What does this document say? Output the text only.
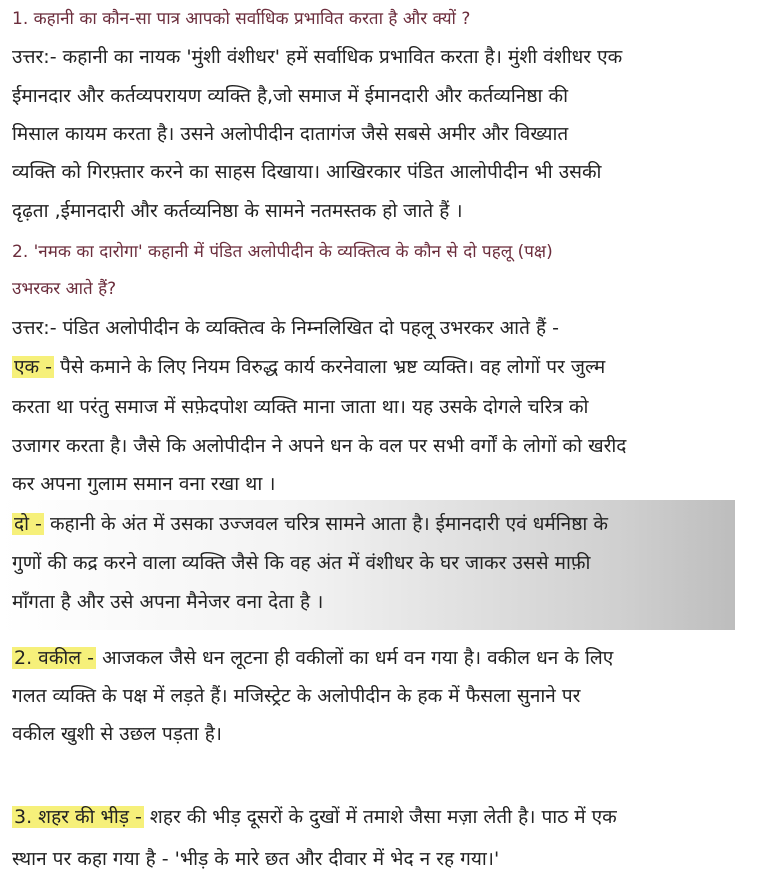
1. कहानी का कौन-सा पात्र आपको सर्वाधिक प्रभावित करता है और क्यों ?
उत्तर:- कहानी का नायक 'मुंशी वंशीधर' हमें सर्वाधिक प्रभावित करता है। मुंशी वंशीधर एक
ईमानदार और कर्तव्यपरायण व्यक्ति है,जो समाज में ईमानदारी और कर्तव्यनिष्ठा की
मिसाल कायम करता है। उसने अलोपीदीन दातागंज जैसे सबसे अमीर और विख्यात
व्यक्ति को गिरफ़्तार करने का साहस दिखाया। आखिरकार पंडित आलोपीदीन भी उसकी
दृढ़ता ,ईमानदारी और कर्तव्यनिष्ठा के सामने नतमस्तक हो जाते हैं ।
2. 'नमक का दारोगा' कहानी में पंडित अलोपीदीन के व्यक्तित्व के कौन से दो पहलू (पक्ष)
उभरकर आते हैं?
उत्तर:- पंडित अलोपीदीन के व्यक्तित्व के निम्नलिखित दो पहलू उभरकर आते हैं -
एक - पैसे कमाने के लिए नियम विरुद्ध कार्य करनेवाला भ्रष्ट व्यक्ति। वह लोगों पर जुल्म
करता था परंतु समाज में सफ़ेदपोश व्यक्ति माना जाता था। यह उसके दोगले चरित्र को
उजागर करता है। जैसे कि अलोपीदीन ने अपने धन के वल पर सभी वर्गों के लोगों को खरीद
कर अपना गुलाम समान वना रखा था ।
दो - कहानी के अंत में उसका उज्जवल चरित्र सामने आता है। ईमानदारी एवं धर्मनिष्ठा के
गुणों की कद्र करने वाला व्यक्ति जैसे कि वह अंत में वंशीधर के घर जाकर उससे माफ़ी
माँगता है और उसे अपना मैनेजर वना देता है ।
2. वकील - आजकल जैसे धन लूटना ही वकीलों का धर्म वन गया है। वकील धन के लिए
गलत व्यक्ति के पक्ष में लड़ते हैं। मजिस्ट्रेट के अलोपीदीन के हक में फैसला सुनाने पर
वकील खुशी से उछल पड़ता है।
3. शहर की भीड़ - शहर की भीड़ दूसरों के दुखों में तमाशे जैसा मज़ा लेती है। पाठ में एक
स्थान पर कहा गया है - 'भीड़ के मारे छत और दीवार में भेद न रह गया।'
